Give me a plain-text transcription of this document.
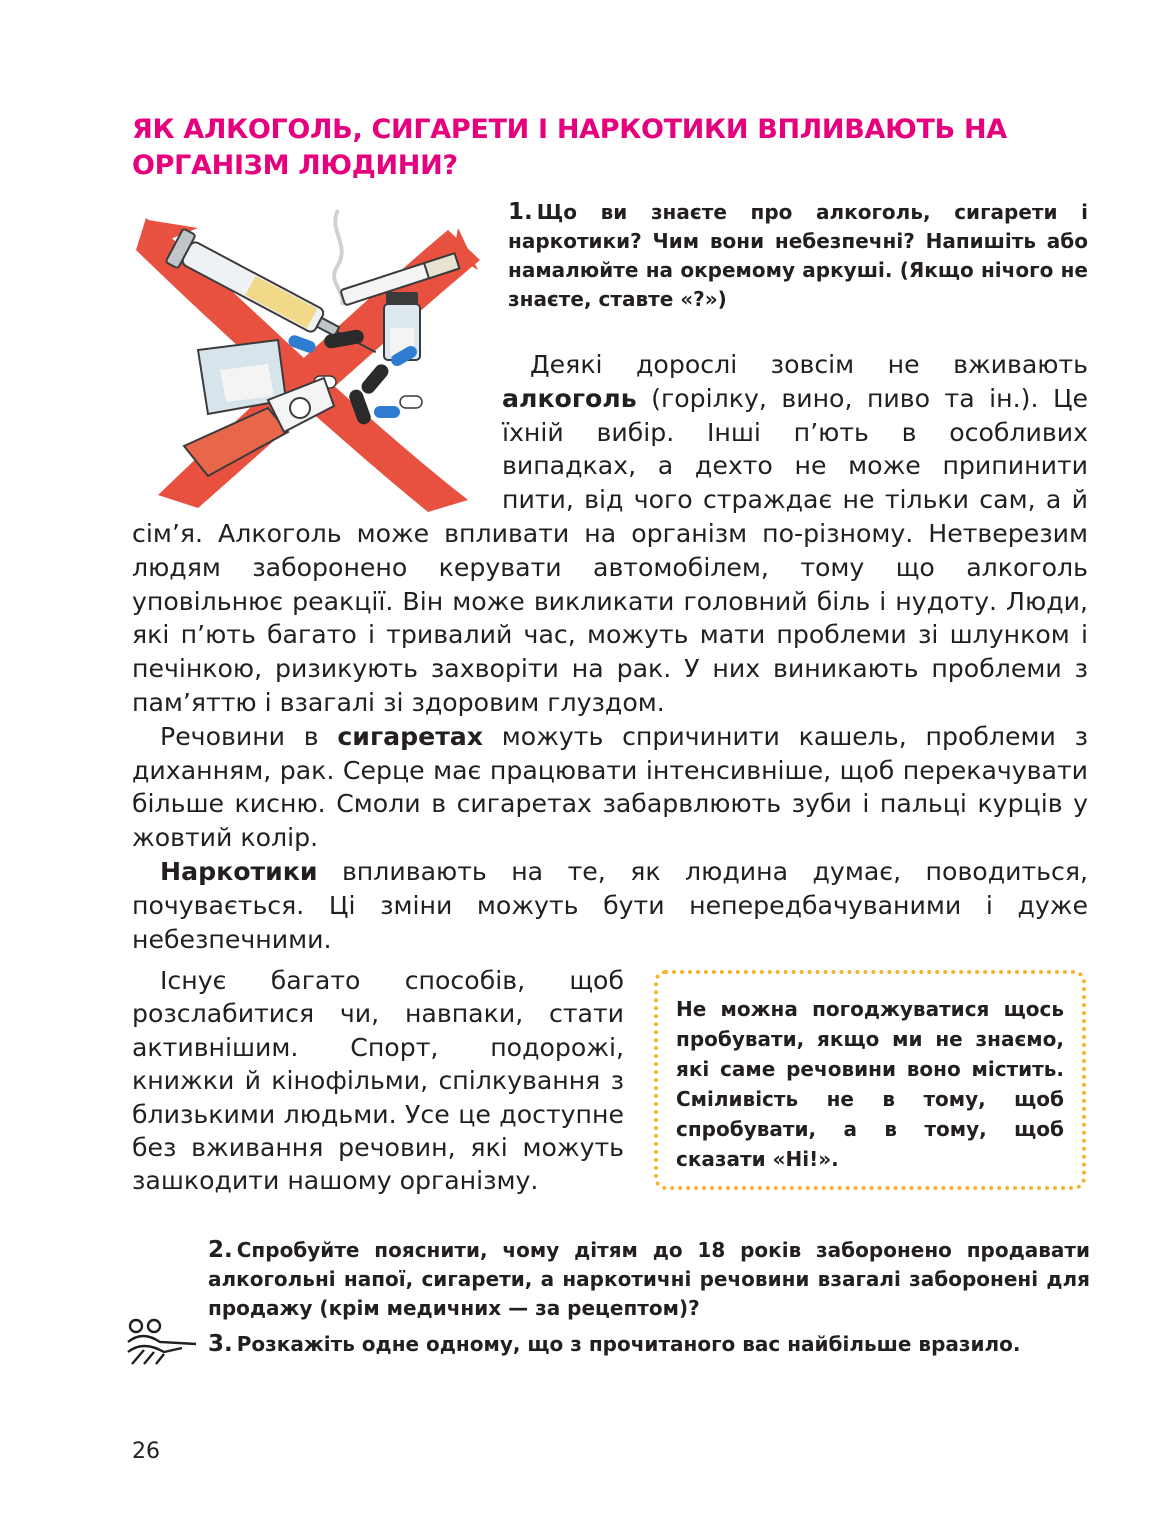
ЯК АЛКОГОЛЬ, СИГАРЕТИ І НАРКОТИКИ ВПЛИВАЮТЬ НА ОРГАНІЗМ ЛЮДИНИ?

1. Що ви знаєте про алкоголь, сигарети і наркотики? Чим вони небезпечні? Напишіть або намалюйте на окремому аркуші. (Якщо нічого не знаєте, ставте «?»)

Деякі дорослі зовсім не вживають алкоголь (горілку, вино, пиво та ін.). Це їхній вибір. Інші п’ють в особливих випадках, а дехто не може припинити пити, від чого страждає не тільки сам, а й сім’я. Алкоголь може впливати на організм по-різному. Нетверезим людям заборонено керувати автомобілем, тому що алкоголь уповільнює реакції. Він може викликати головний біль і нудоту. Люди, які п’ють багато і тривалий час, можуть мати проблеми зі шлунком і печінкою, ризикують захворіти на рак. У них виникають проблеми з пам’яттю і взагалі зі здоровим глуздом.

Речовини в сигаретах можуть спричинити кашель, проблеми з диханням, рак. Серце має працювати інтенсивніше, щоб перекачувати більше кисню. Смоли в сигаретах забарвлюють зуби і пальці курців у жовтий колір.

Наркотики впливають на те, як людина думає, поводиться, почувається. Ці зміни можуть бути непередбачуваними і дуже небезпечними.

Існує багато способів, щоб розслабитися чи, навпаки, стати активнішим. Спорт, подорожі, книжки й кінофільми, спілкування з близькими людьми. Усе це доступне без вживання речовин, які можуть зашкодити нашому організму.

Не можна погоджуватися щось пробувати, якщо ми не знаємо, які саме речовини воно містить. Сміливість не в тому, щоб спробувати, а в тому, щоб сказати «Ні!».

2. Спробуйте пояснити, чому дітям до 18 років заборонено продавати алкогольні напої, сигарети, а наркотичні речовини взагалі заборонені для продажу (крім медичних — за рецептом)?

3. Розкажіть одне одному, що з прочитаного вас найбільше вразило.

26
